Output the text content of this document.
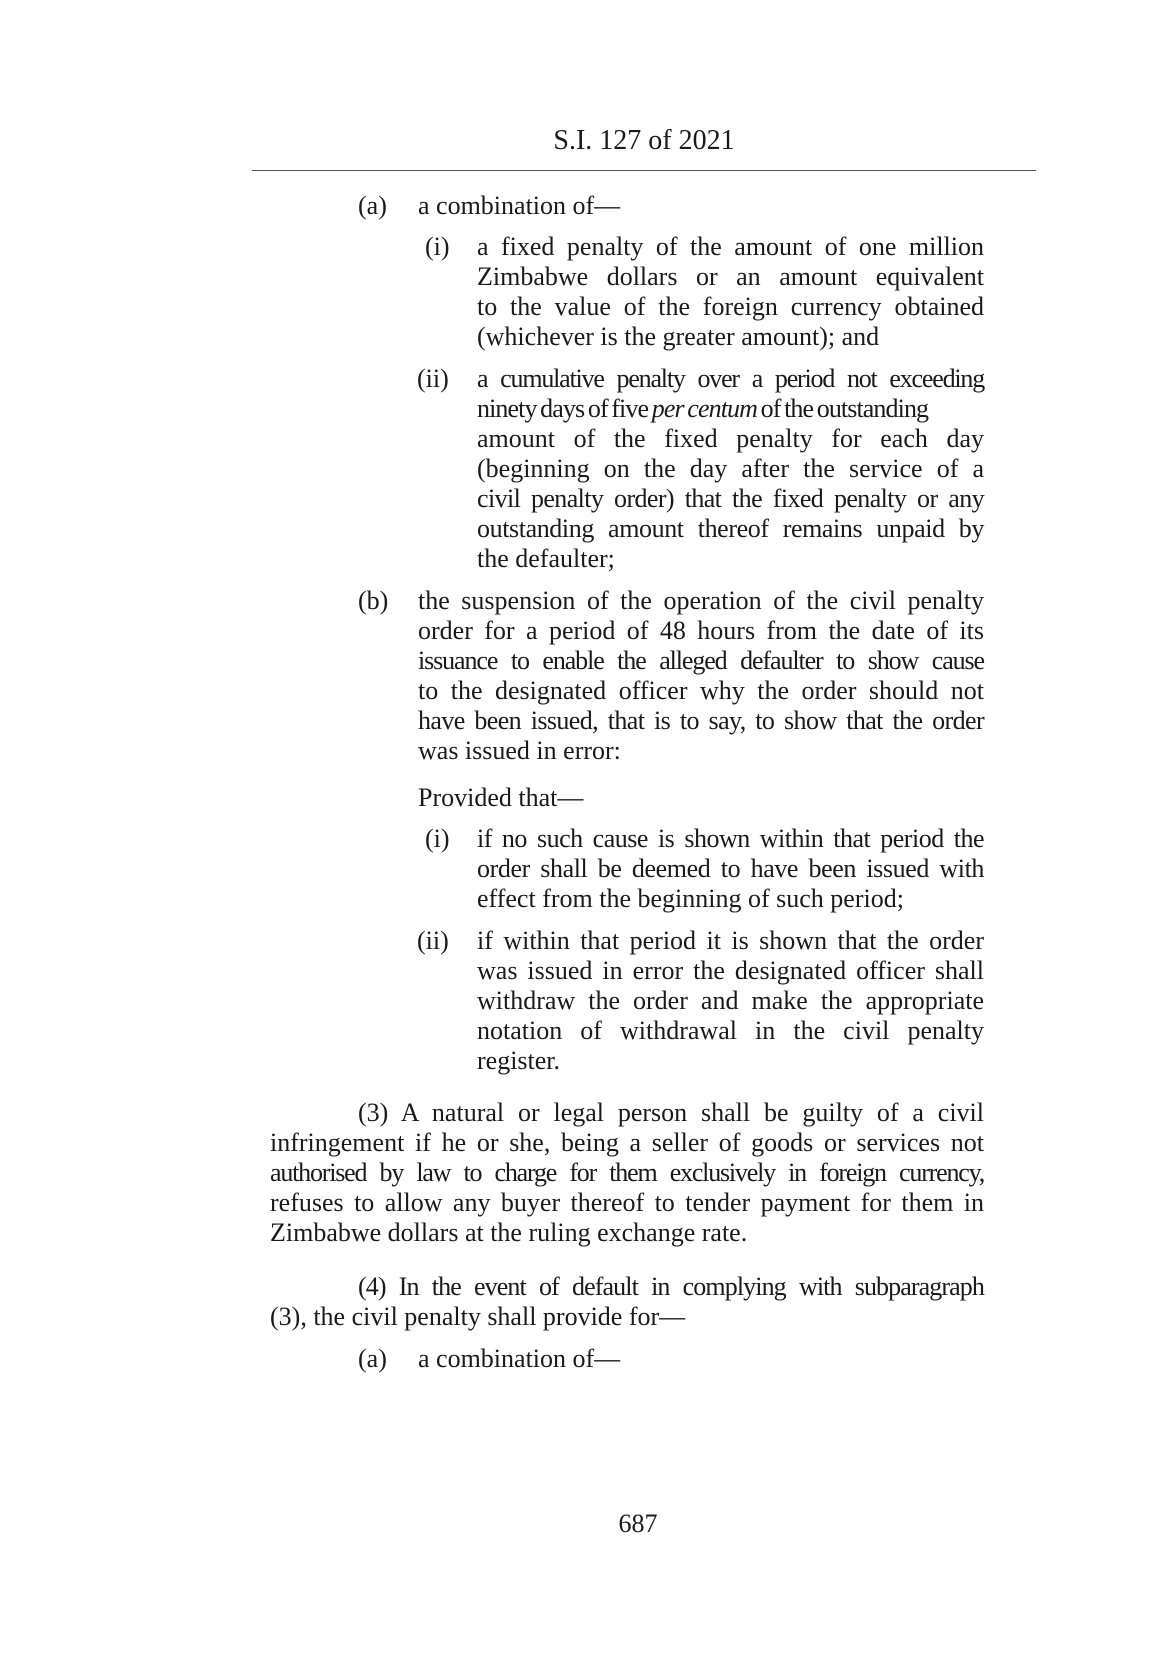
S.I. 127 of 2021
(a) a combination of—
(i) a fixed penalty of the amount of one million
Zimbabwe dollars or an amount equivalent
to the value of the foreign currency obtained
(whichever is the greater amount); and
(ii) a cumulative penalty over a period not exceeding
ninety days of five per centum of the outstanding
amount of the fixed penalty for each day
(beginning on the day after the service of a
civil penalty order) that the fixed penalty or any
outstanding amount thereof remains unpaid by
the defaulter;
(b) the suspension of the operation of the civil penalty
order for a period of 48 hours from the date of its
issuance to enable the alleged defaulter to show cause
to the designated officer why the order should not
have been issued, that is to say, to show that the order
was issued in error:
Provided that—
(i) if no such cause is shown within that period the
order shall be deemed to have been issued with
effect from the beginning of such period;
(ii) if within that period it is shown that the order
was issued in error the designated officer shall
withdraw the order and make the appropriate
notation of withdrawal in the civil penalty
register.
(3) A natural or legal person shall be guilty of a civil
infringement if he or she, being a seller of goods or services not
authorised by law to charge for them exclusively in foreign currency,
refuses to allow any buyer thereof to tender payment for them in
Zimbabwe dollars at the ruling exchange rate.
(4) In the event of default in complying with subparagraph
(3), the civil penalty shall provide for—
(a) a combination of—
687
